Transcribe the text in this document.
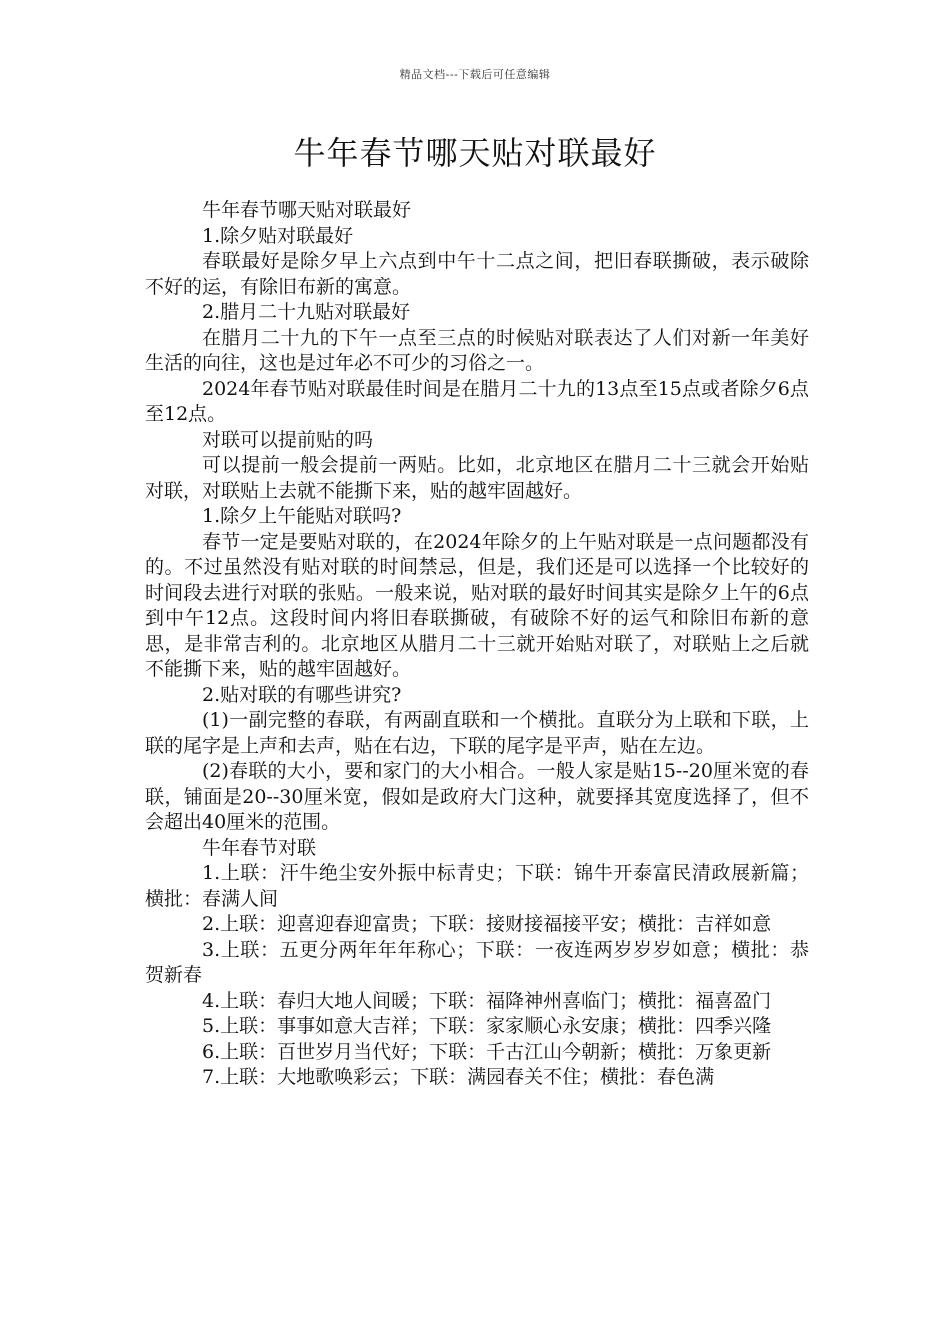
精品文档---下载后可任意编辑
牛年春节哪天贴对联最好

牛年春节哪天贴对联最好

1.除夕贴对联最好

春联最好是除夕早上六点到中午十二点之间，把旧春联撕破，表示破除不好的运，有除旧布新的寓意。

2.腊月二十九贴对联最好

在腊月二十九的下午一点至三点的时候贴对联表达了人们对新一年美好生活的向往，这也是过年必不可少的习俗之一。

2024年春节贴对联最佳时间是在腊月二十九的13点至15点或者除夕6点至12点。

对联可以提前贴的吗

可以提前一般会提前一两贴。比如，北京地区在腊月二十三就会开始贴对联，对联贴上去就不能撕下来，贴的越牢固越好。

1.除夕上午能贴对联吗?

春节一定是要贴对联的，在2024年除夕的上午贴对联是一点问题都没有的。不过虽然没有贴对联的时间禁忌，但是，我们还是可以选择一个比较好的时间段去进行对联的张贴。一般来说，贴对联的最好时间其实是除夕上午的6点到中午12点。这段时间内将旧春联撕破，有破除不好的运气和除旧布新的意思，是非常吉利的。北京地区从腊月二十三就开始贴对联了，对联贴上之后就不能撕下来，贴的越牢固越好。

2.贴对联的有哪些讲究?

(1)一副完整的春联，有两副直联和一个横批。直联分为上联和下联，上联的尾字是上声和去声，贴在右边，下联的尾字是平声，贴在左边。

(2)春联的大小，要和家门的大小相合。一般人家是贴15--20厘米宽的春联，铺面是20--30厘米宽，假如是政府大门这种，就要择其宽度选择了，但不会超出40厘米的范围。

牛年春节对联

1.上联：汗牛绝尘安外振中标青史；下联：锦牛开泰富民清政展新篇；横批：春满人间

2.上联：迎喜迎春迎富贵；下联：接财接福接平安；横批：吉祥如意

3.上联：五更分两年年年称心；下联：一夜连两岁岁岁如意；横批：恭贺新春

4.上联：春归大地人间暖；下联：福降神州喜临门；横批：福喜盈门

5.上联：事事如意大吉祥；下联：家家顺心永安康；横批：四季兴隆

6.上联：百世岁月当代好；下联：千古江山今朝新；横批：万象更新

7.上联：大地歌唤彩云；下联：满园春关不住；横批：春色满
